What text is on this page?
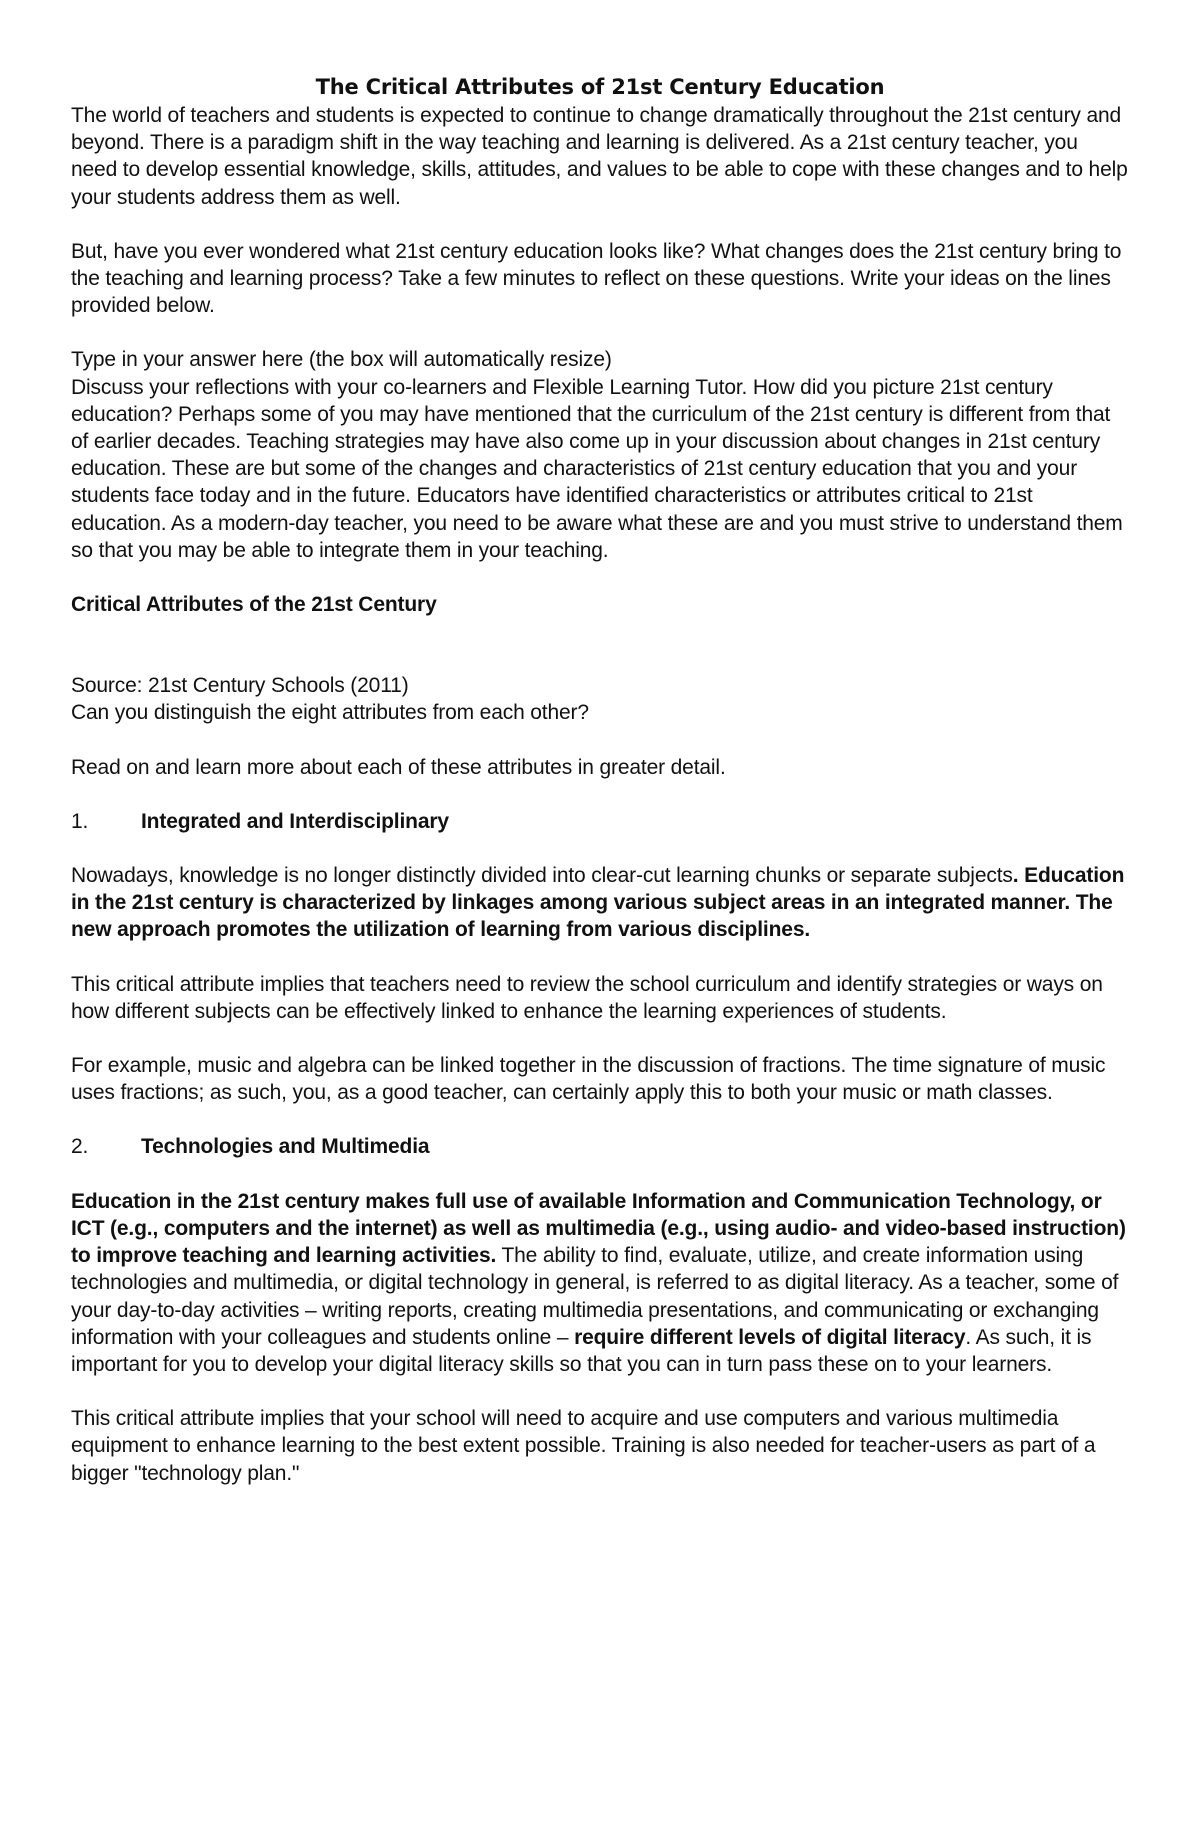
The Critical Attributes of 21st Century Education

The world of teachers and students is expected to continue to change dramatically throughout the 21st century and beyond. There is a paradigm shift in the way teaching and learning is delivered. As a 21st century teacher, you need to develop essential knowledge, skills, attitudes, and values to be able to cope with these changes and to help your students address them as well.

But, have you ever wondered what 21st century education looks like? What changes does the 21st century bring to the teaching and learning process? Take a few minutes to reflect on these questions. Write your ideas on the lines provided below.

Type in your answer here (the box will automatically resize)

Discuss your reflections with your co-learners and Flexible Learning Tutor. How did you picture 21st century education? Perhaps some of you may have mentioned that the curriculum of the 21st century is different from that of earlier decades. Teaching strategies may have also come up in your discussion about changes in 21st century education. These are but some of the changes and characteristics of 21st century education that you and your students face today and in the future. Educators have identified characteristics or attributes critical to 21st education. As a modern-day teacher, you need to be aware what these are and you must strive to understand them so that you may be able to integrate them in your teaching.

Critical Attributes of the 21st Century

Source: 21st Century Schools (2011)

Can you distinguish the eight attributes from each other?

Read on and learn more about each of these attributes in greater detail.

1.	Integrated and Interdisciplinary

Nowadays, knowledge is no longer distinctly divided into clear-cut learning chunks or separate subjects. Education in the 21st century is characterized by linkages among various subject areas in an integrated manner. The new approach promotes the utilization of learning from various disciplines.

This critical attribute implies that teachers need to review the school curriculum and identify strategies or ways on how different subjects can be effectively linked to enhance the learning experiences of students.

For example, music and algebra can be linked together in the discussion of fractions. The time signature of music uses fractions; as such, you, as a good teacher, can certainly apply this to both your music or math classes.

2.	Technologies and Multimedia

Education in the 21st century makes full use of available Information and Communication Technology, or ICT (e.g., computers and the internet) as well as multimedia (e.g., using audio- and video-based instruction) to improve teaching and learning activities. The ability to find, evaluate, utilize, and create information using technologies and multimedia, or digital technology in general, is referred to as digital literacy. As a teacher, some of your day-to-day activities – writing reports, creating multimedia presentations, and communicating or exchanging information with your colleagues and students online – require different levels of digital literacy. As such, it is important for you to develop your digital literacy skills so that you can in turn pass these on to your learners.

This critical attribute implies that your school will need to acquire and use computers and various multimedia equipment to enhance learning to the best extent possible. Training is also needed for teacher-users as part of a bigger "technology plan."
